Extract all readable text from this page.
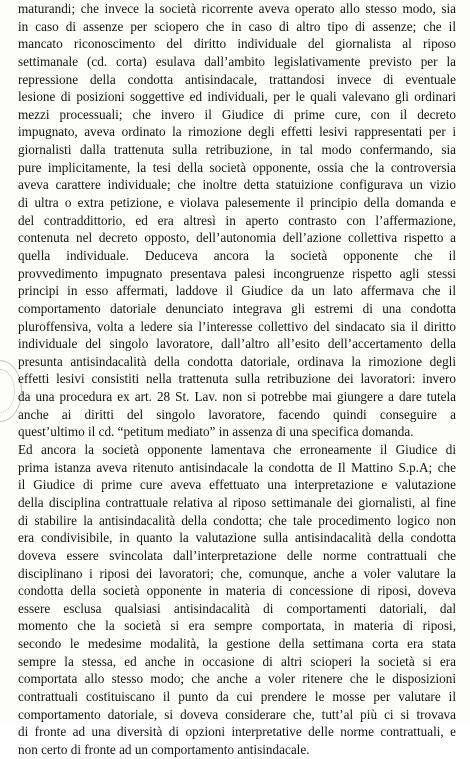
maturandi; che invece la società ricorrente aveva operato allo stesso modo, sia
in caso di assenze per sciopero che in caso di altro tipo di assenze; che il
mancato riconoscimento del diritto individuale del giornalista al riposo
settimanale (cd. corta) esulava dall’ambito legislativamente previsto per la
repressione della condotta antisindacale, trattandosi invece di eventuale
lesione di posizioni soggettive ed individuali, per le quali valevano gli ordinari
mezzi processuali; che invero il Giudice di prime cure, con il decreto
impugnato, aveva ordinato la rimozione degli effetti lesivi rappresentati per i
giornalisti dalla trattenuta sulla retribuzione, in tal modo confermando, sia
pure implicitamente, la tesi della società opponente, ossia che la controversia
aveva carattere individuale; che inoltre detta statuizione configurava un vizio
di ultra o extra petizione, e violava palesemente il principio della domanda e
del contraddittorio, ed era altresì in aperto contrasto con l’affermazione,
contenuta nel decreto opposto, dell’autonomia dell’azione collettiva rispetto a
quella individuale. Deduceva ancora la società opponente che il
provvedimento impugnato presentava palesi incongruenze rispetto agli stessi
principi in esso affermati, laddove il Giudice da un lato affermava che il
comportamento datoriale denunciato integrava gli estremi di una condotta
pluroffensiva, volta a ledere sia l’interesse collettivo del sindacato sia il diritto
individuale del singolo lavoratore, dall’altro all’esito dell’accertamento della
presunta antisindacalità della condotta datoriale, ordinava la rimozione degli
effetti lesivi consistiti nella trattenuta sulla retribuzione dei lavoratori: invero
da una procedura ex art. 28 St. Lav. non si potrebbe mai giungere a dare tutela
anche ai diritti del singolo lavoratore, facendo quindi conseguire a
quest’ultimo il cd. “petitum mediato” in assenza di una specifica domanda.
Ed ancora la società opponente lamentava che erroneamente il Giudice di
prima istanza aveva ritenuto antisindacale la condotta de Il Mattino S.p.A; che
il Giudice di prime cure aveva effettuato una interpretazione e valutazione
della disciplina contrattuale relativa al riposo settimanale dei giornalisti, al fine
di stabilire la antisindacalità della condotta; che tale procedimento logico non
era condivisibile, in quanto la valutazione sulla antisindacalità della condotta
doveva essere svincolata dall’interpretazione delle norme contrattuali che
disciplinano i riposi dei lavoratori; che, comunque, anche a voler valutare la
condotta della società opponente in materia di concessione di riposi, doveva
essere esclusa qualsiasi antisindacalità di comportamenti datoriali, dal
momento che la società si era sempre comportata, in materia di riposi,
secondo le medesime modalità, la gestione della settimana corta era stata
sempre la stessa, ed anche in occasione di altri scioperi la società si era
comportata allo stesso modo; che anche a voler ritenere che le disposizioni
contrattuali costituiscano il punto da cui prendere le mosse per valutare il
comportamento datoriale, si doveva considerare che, tutt’al più ci si trovava
di fronte ad una diversità di opzioni interpretative delle norme contrattuali, e
non certo di fronte ad un comportamento antisindacale.
